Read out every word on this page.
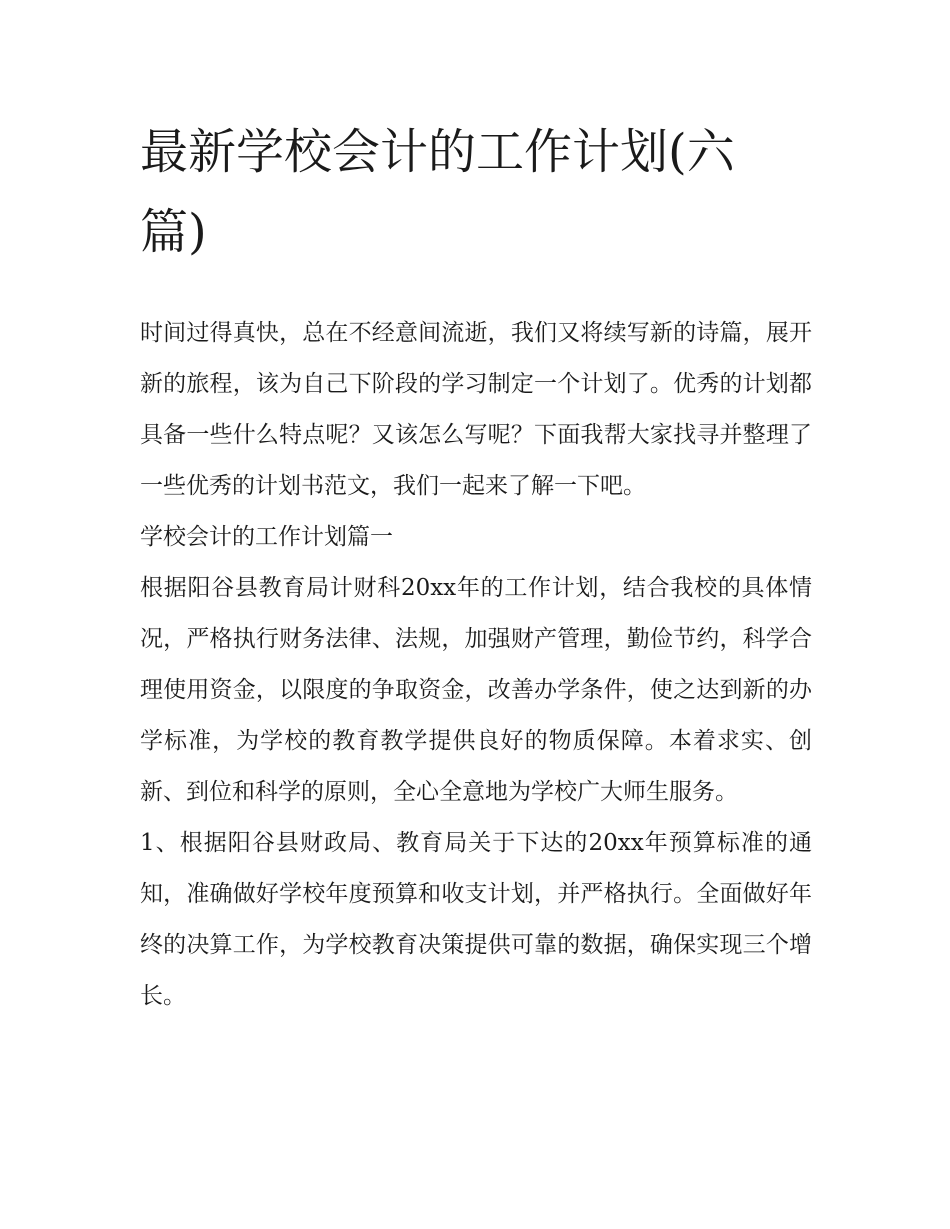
最新学校会计的工作计划(六篇)

时间过得真快，总在不经意间流逝，我们又将续写新的诗篇，展开新的旅程，该为自己下阶段的学习制定一个计划了。优秀的计划都具备一些什么特点呢？又该怎么写呢？下面我帮大家找寻并整理了一些优秀的计划书范文，我们一起来了解一下吧。

学校会计的工作计划篇一

根据阳谷县教育局计财科20xx年的工作计划，结合我校的具体情况，严格执行财务法律、法规，加强财产管理，勤俭节约，科学合理使用资金，以限度的争取资金，改善办学条件，使之达到新的办学标准，为学校的教育教学提供良好的物质保障。本着求实、创新、到位和科学的原则，全心全意地为学校广大师生服务。

1、根据阳谷县财政局、教育局关于下达的20xx年预算标准的通知，准确做好学校年度预算和收支计划，并严格执行。全面做好年终的决算工作，为学校教育决策提供可靠的数据，确保实现三个增长。
